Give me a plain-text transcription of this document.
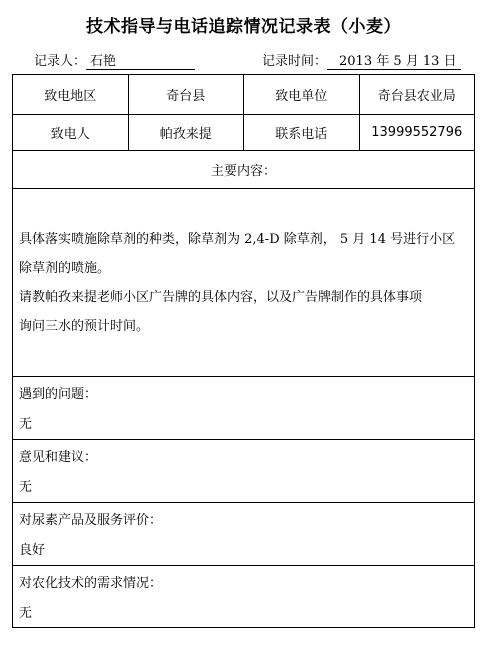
技术指导与电话追踪情况记录表（小麦）
记录人： 石艳	记录时间： 2013 年 5 月 13 日
致电地区	奇台县	致电单位	奇台县农业局
致电人	帕孜来提	联系电话	13999552796
主要内容：

具体落实喷施除草剂的种类，除草剂为 2,4-D 除草剂， 5 月 14 号进行小区

除草剂的喷施。

请教帕孜来提老师小区广告牌的具体内容，以及广告牌制作的具体事项

询问三水的预计时间。

遇到的问题：
无
意见和建议：
无
对尿素产品及服务评价：
良好
对农化技术的需求情况：
无
